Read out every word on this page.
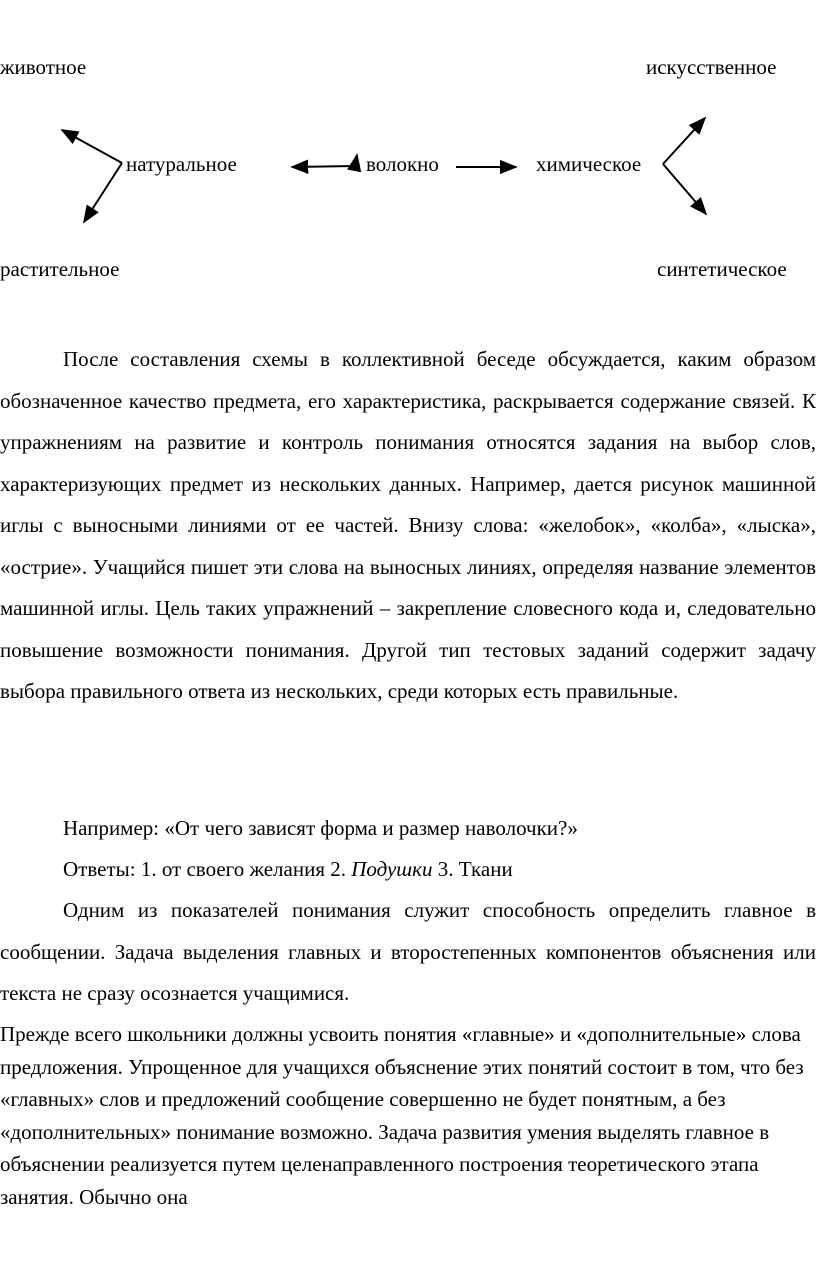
животное	искусственное
натуральное	волокно	химическое
растительное	синтетическое

После составления схемы в коллективной беседе обсуждается, каким образом обозначенное качество предмета, его характеристика, раскрывается содержание связей. К упражнениям на развитие и контроль понимания относятся задания на выбор слов, характеризующих предмет из нескольких данных. Например, дается рисунок машинной иглы с выносными линиями от ее частей. Внизу слова: «желобок», «колба», «лыска», «острие». Учащийся пишет эти слова на выносных линиях, определяя название элементов машинной иглы. Цель таких упражнений – закрепление словесного кода и, следовательно повышение возможности понимания. Другой тип тестовых заданий содержит задачу выбора правильного ответа из нескольких, среди которых есть правильные.

Например: «От чего зависят форма и размер наволочки?»
Ответы: 1. от своего желания 2. Подушки 3. Ткани

Одним из показателей понимания служит способность определить главное в сообщении. Задача выделения главных и второстепенных компонентов объяснения или текста не сразу осознается учащимися.

Прежде всего школьники должны усвоить понятия «главные» и «дополнительные» слова предложения. Упрощенное для учащихся объяснение этих понятий состоит в том, что без «главных» слов и предложений сообщение совершенно не будет понятным, а без «дополнительных» понимание возможно. Задача развития умения выделять главное в объяснении реализуется путем целенаправленного построения теоретического этапа занятия. Обычно она
